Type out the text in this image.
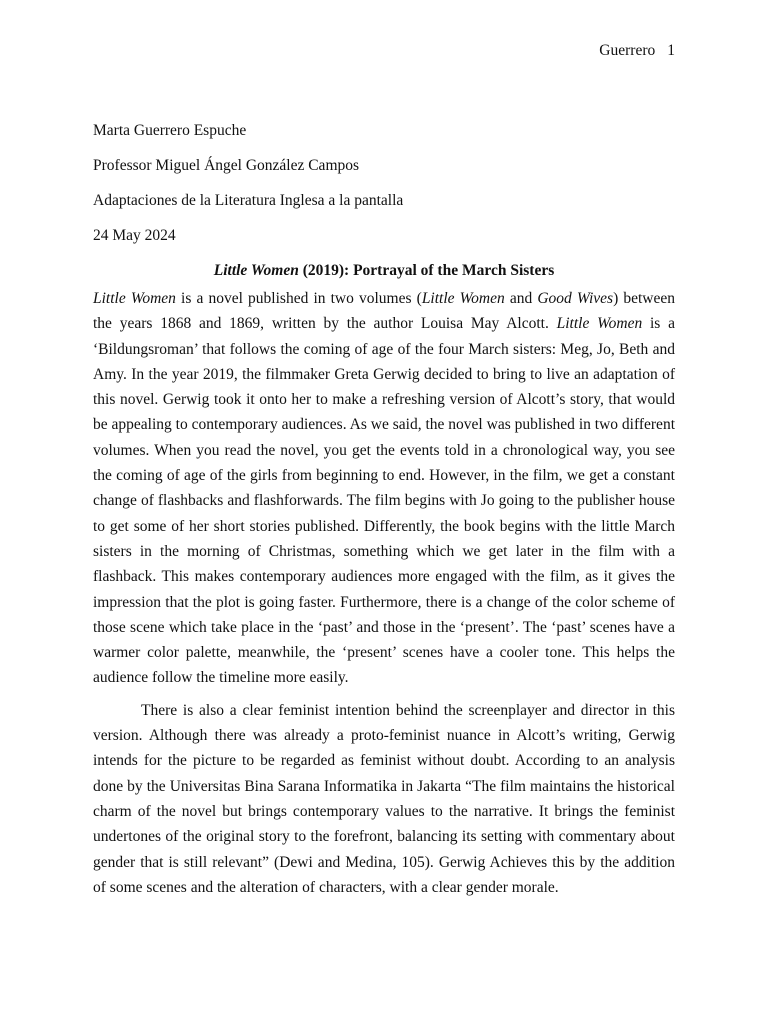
Guerrero 1

Marta Guerrero Espuche

Professor Miguel Ángel González Campos

Adaptaciones de la Literatura Inglesa a la pantalla

24 May 2024

Little Women (2019): Portrayal of the March Sisters

Little Women is a novel published in two volumes (Little Women and Good Wives) between the years 1868 and 1869, written by the author Louisa May Alcott. Little Women is a ‘Bildungsroman’ that follows the coming of age of the four March sisters: Meg, Jo, Beth and Amy. In the year 2019, the filmmaker Greta Gerwig decided to bring to live an adaptation of this novel. Gerwig took it onto her to make a refreshing version of Alcott’s story, that would be appealing to contemporary audiences. As we said, the novel was published in two different volumes. When you read the novel, you get the events told in a chronological way, you see the coming of age of the girls from beginning to end. However, in the film, we get a constant change of flashbacks and flashforwards. The film begins with Jo going to the publisher house to get some of her short stories published. Differently, the book begins with the little March sisters in the morning of Christmas, something which we get later in the film with a flashback. This makes contemporary audiences more engaged with the film, as it gives the impression that the plot is going faster. Furthermore, there is a change of the color scheme of those scene which take place in the ‘past’ and those in the ‘present’. The ‘past’ scenes have a warmer color palette, meanwhile, the ‘present’ scenes have a cooler tone. This helps the audience follow the timeline more easily.

There is also a clear feminist intention behind the screenplayer and director in this version. Although there was already a proto-feminist nuance in Alcott’s writing, Gerwig intends for the picture to be regarded as feminist without doubt. According to an analysis done by the Universitas Bina Sarana Informatika in Jakarta “The film maintains the historical charm of the novel but brings contemporary values to the narrative. It brings the feminist undertones of the original story to the forefront, balancing its setting with commentary about gender that is still relevant” (Dewi and Medina, 105). Gerwig Achieves this by the addition of some scenes and the alteration of characters, with a clear gender morale.
